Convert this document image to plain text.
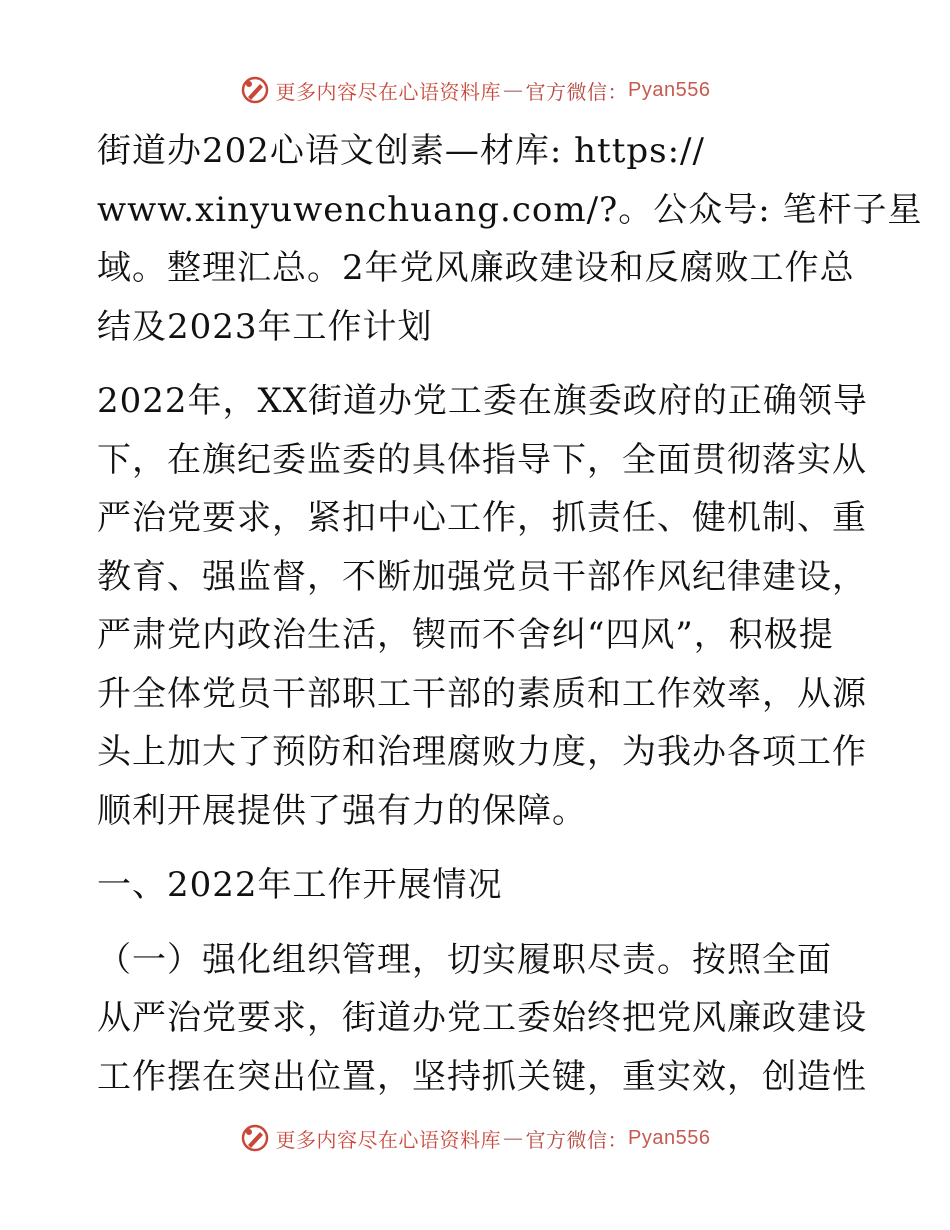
更多内容尽在心语资料库 — 官方微信： Pyan556

街道办202心语文创素—材库: https://
www.xinyuwenchuang.com/?。公众号: 笔杆子星
域。整理汇总。2年党风廉政建设和反腐败工作总
结及2023年工作计划

2022年，XX街道办党工委在旗委政府的正确领导
下，在旗纪委监委的具体指导下，全面贯彻落实从
严治党要求，紧扣中心工作，抓责任、健机制、重
教育、强监督，不断加强党员干部作风纪律建设，
严肃党内政治生活，锲而不舍纠“四风”，积极提
升全体党员干部职工干部的素质和工作效率，从源
头上加大了预防和治理腐败力度，为我办各项工作
顺利开展提供了强有力的保障。

一、2022年工作开展情况

（一）强化组织管理，切实履职尽责。按照全面
从严治党要求，街道办党工委始终把党风廉政建设
工作摆在突出位置，坚持抓关键，重实效，创造性

更多内容尽在心语资料库 — 官方微信： Pyan556
